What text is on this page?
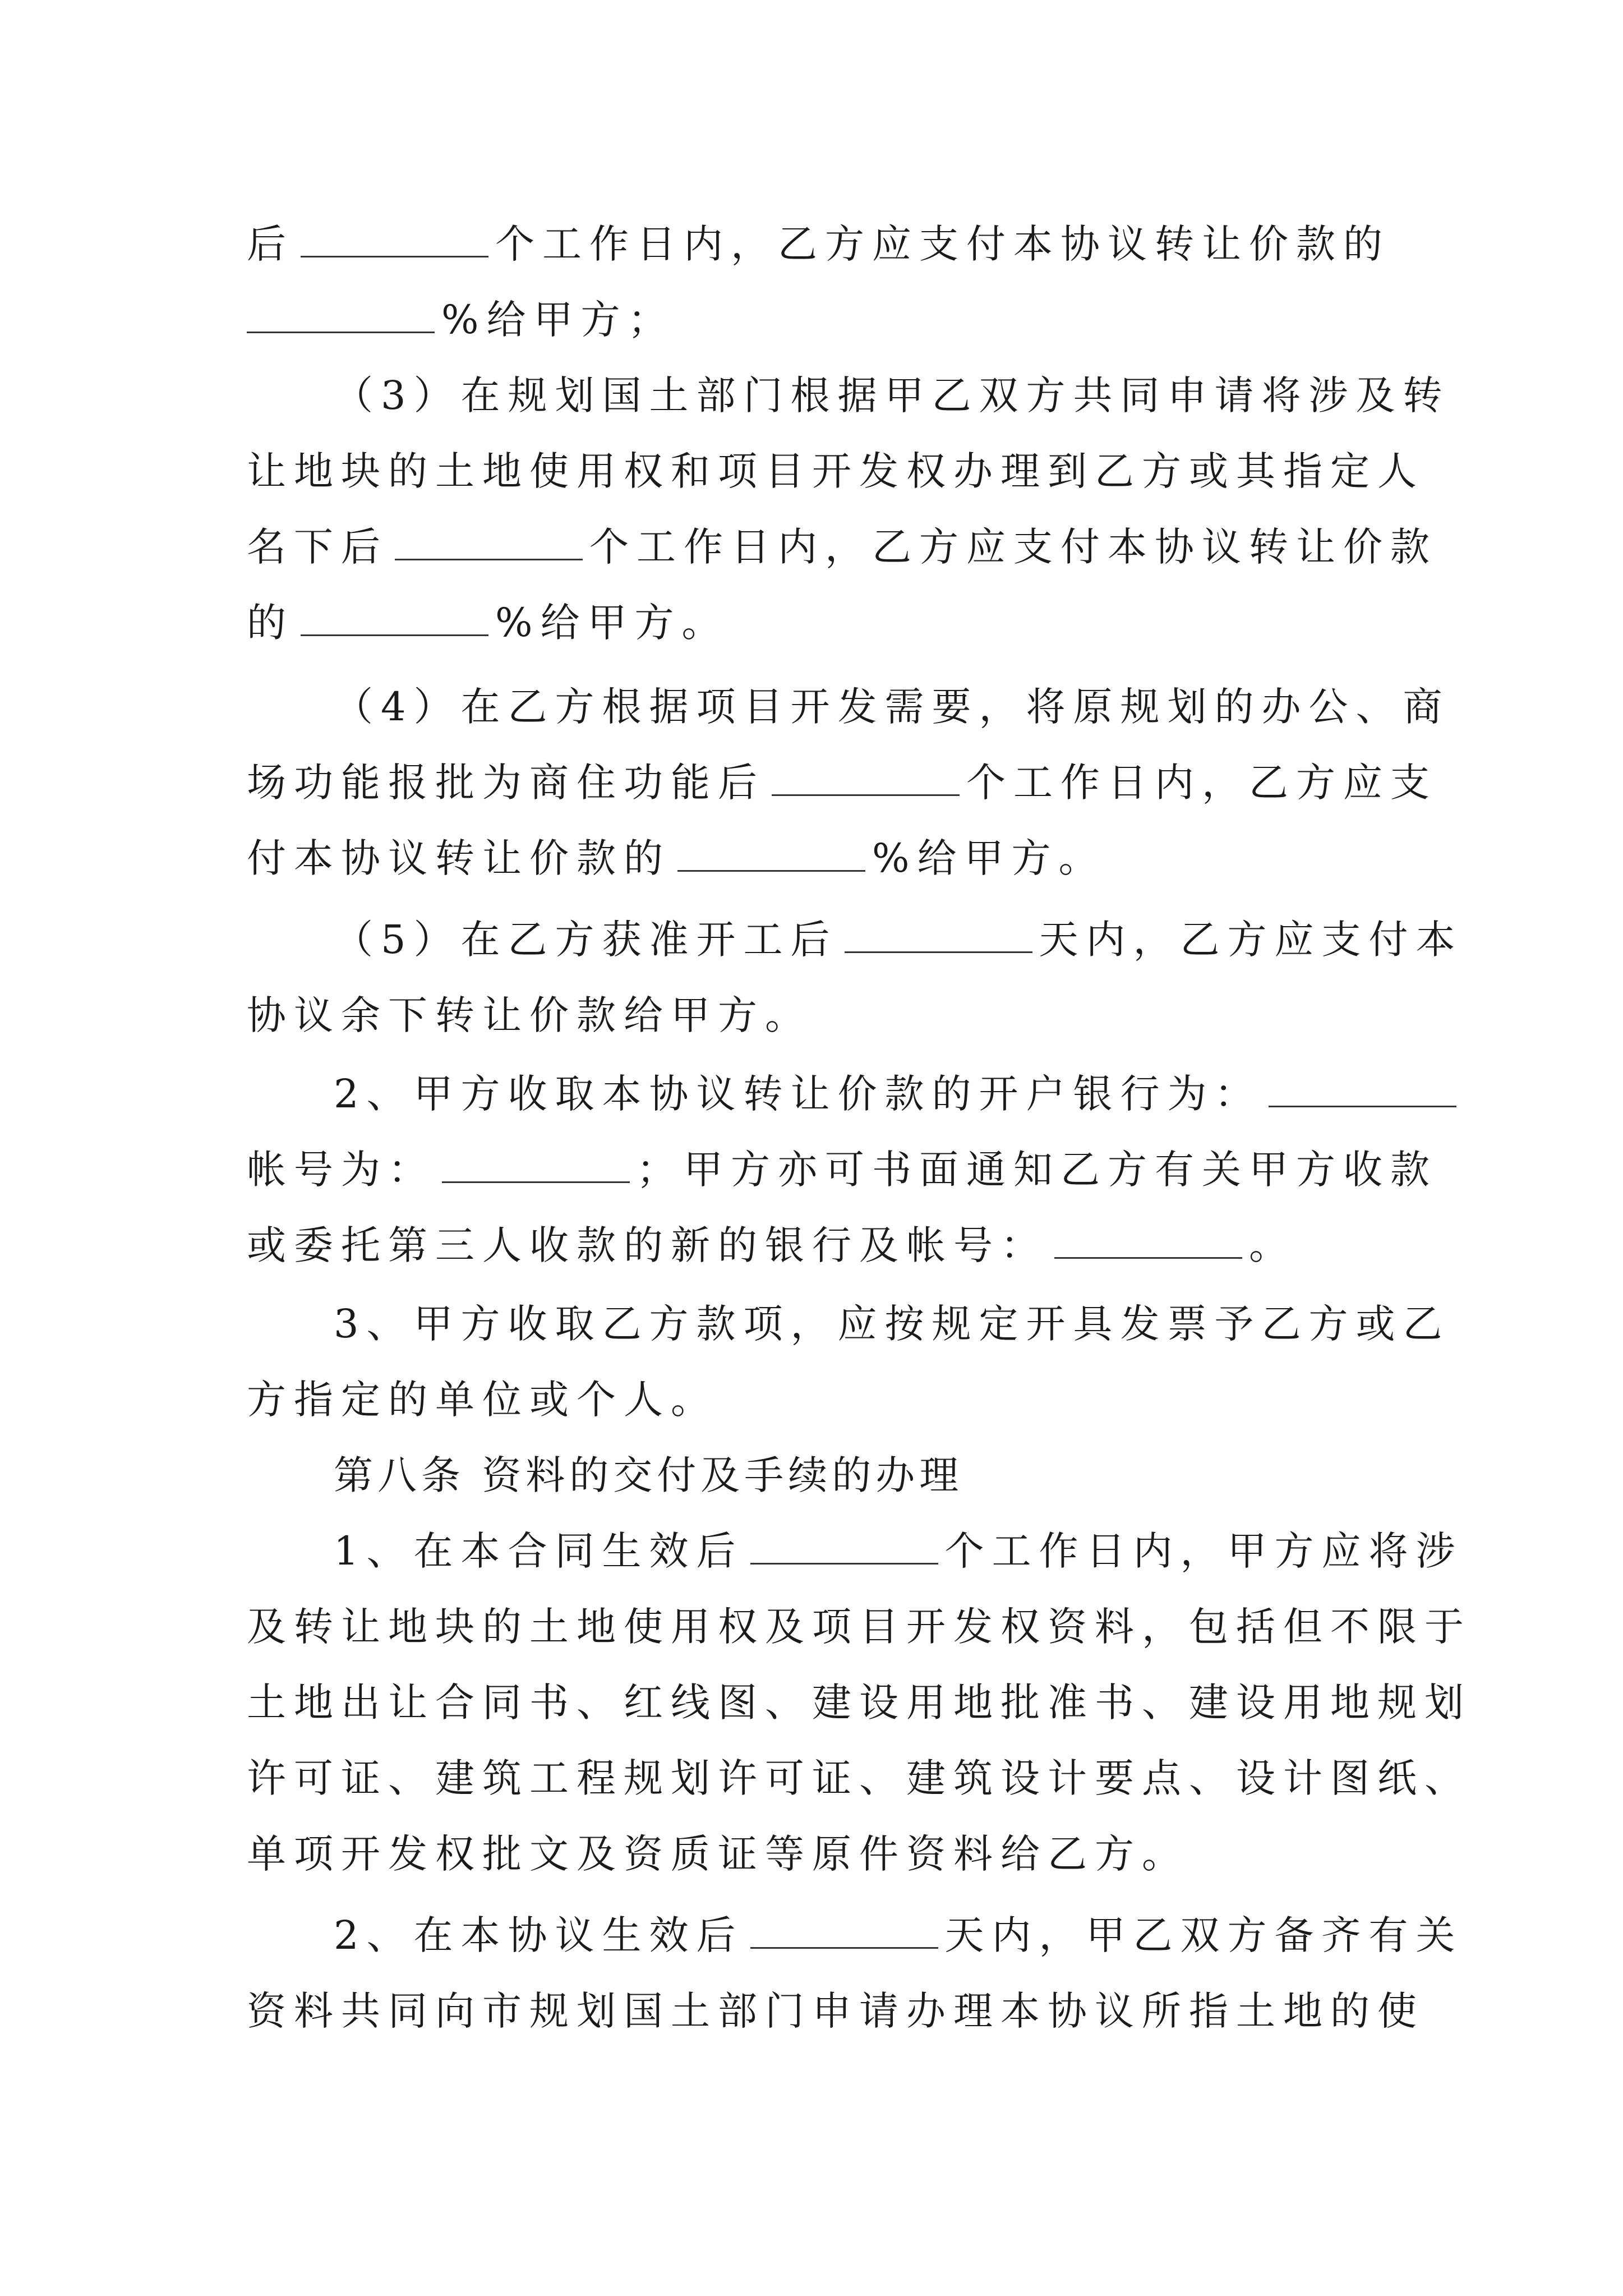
后	个工作日内，乙方应支付本协议转让价款的
%给甲方；
（3）在规划国土部门根据甲乙双方共同申请将涉及转
让地块的土地使用权和项目开发权办理到乙方或其指定人
名下后	个工作日内，乙方应支付本协议转让价款
的	%给甲方。
（4）在乙方根据项目开发需要，将原规划的办公、商
场功能报批为商住功能后	个工作日内，乙方应支
付本协议转让价款的	%给甲方。
（5）在乙方获准开工后	天内，乙方应支付本
协议余下转让价款给甲方。
2、甲方收取本协议转让价款的开户银行为：
帐号为：	；甲方亦可书面通知乙方有关甲方收款
或委托第三人收款的新的银行及帐号：	。
3、甲方收取乙方款项，应按规定开具发票予乙方或乙
方指定的单位或个人。
第八条 资料的交付及手续的办理
1、在本合同生效后	个工作日内，甲方应将涉
及转让地块的土地使用权及项目开发权资料，包括但不限于
土地出让合同书、红线图、建设用地批准书、建设用地规划
许可证、建筑工程规划许可证、建筑设计要点、设计图纸、
单项开发权批文及资质证等原件资料给乙方。
2、在本协议生效后	天内，甲乙双方备齐有关
资料共同向市规划国土部门申请办理本协议所指土地的使
